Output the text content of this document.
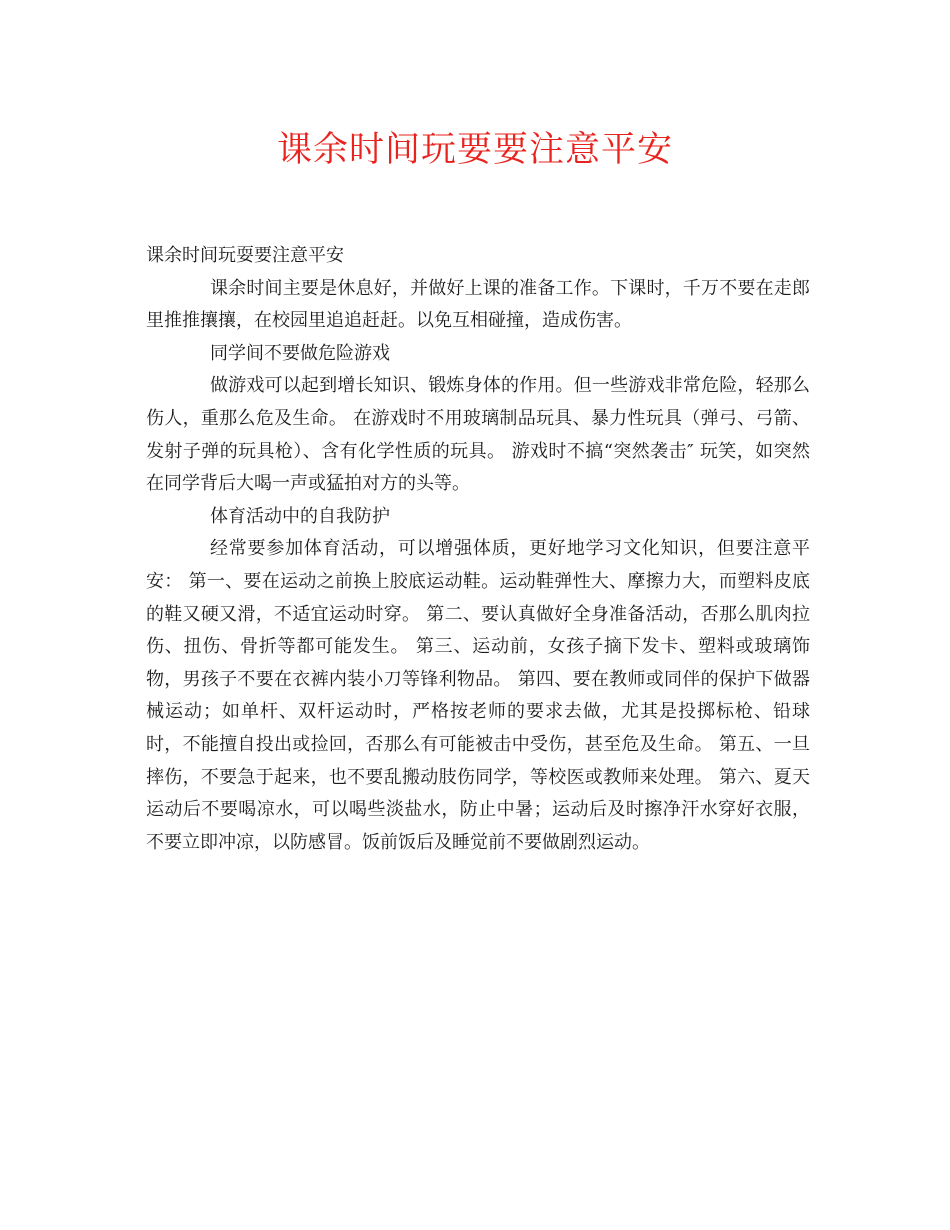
课余时间玩要要注意平安

课余时间玩耍要注意平安

课余时间主要是休息好，并做好上课的准备工作。下课时，千万不要在走郎里推推攘攘，在校园里追追赶赶。以免互相碰撞，造成伤害。

同学间不要做危险游戏

做游戏可以起到增长知识、锻炼身体的作用。但一些游戏非常危险，轻那么伤人，重那么危及生命。 在游戏时不用玻璃制品玩具、暴力性玩具（弹弓、弓箭、发射子弹的玩具枪）、含有化学性质的玩具。 游戏时不搞“突然袭击″ 玩笑，如突然在同学背后大喝一声或猛拍对方的头等。

体育活动中的自我防护

经常要参加体育活动，可以增强体质，更好地学习文化知识，但要注意平安： 第一、要在运动之前换上胶底运动鞋。运动鞋弹性大、摩擦力大，而塑料皮底的鞋又硬又滑，不适宜运动时穿。 第二、要认真做好全身准备活动，否那么肌肉拉伤、扭伤、骨折等都可能发生。 第三、运动前，女孩子摘下发卡、塑料或玻璃饰物，男孩子不要在衣裤内装小刀等锋利物品。 第四、要在教师或同伴的保护下做器械运动；如单杆、双杆运动时，严格按老师的要求去做，尤其是投掷标枪、铅球时，不能擅自投出或捡回，否那么有可能被击中受伤，甚至危及生命。 第五、一旦摔伤，不要急于起来，也不要乱搬动肢伤同学，等校医或教师来处理。 第六、夏天运动后不要喝凉水，可以喝些淡盐水，防止中暑；运动后及时擦净汗水穿好衣服，不要立即冲凉，以防感冒。饭前饭后及睡觉前不要做剧烈运动。
